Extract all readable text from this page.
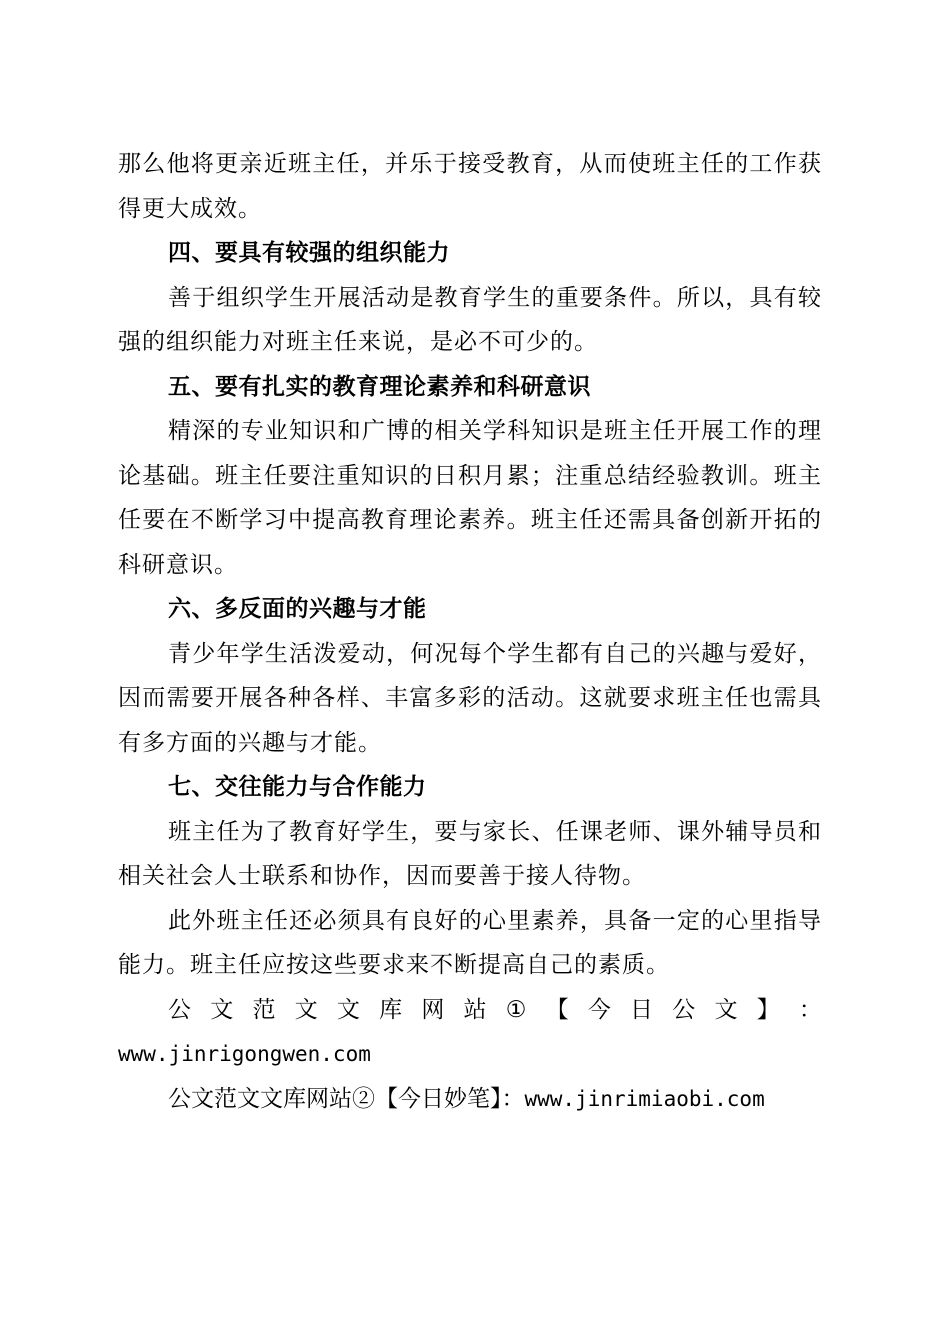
那么他将更亲近班主任，并乐于接受教育，从而使班主任的工作获得更大成效。

四、要具有较强的组织能力

善于组织学生开展活动是教育学生的重要条件。所以，具有较强的组织能力对班主任来说，是必不可少的。

五、要有扎实的教育理论素养和科研意识

精深的专业知识和广博的相关学科知识是班主任开展工作的理论基础。班主任要注重知识的日积月累；注重总结经验教训。班主任要在不断学习中提高教育理论素养。班主任还需具备创新开拓的科研意识。

六、多反面的兴趣与才能

青少年学生活泼爱动，何况每个学生都有自己的兴趣与爱好，因而需要开展各种各样、丰富多彩的活动。这就要求班主任也需具有多方面的兴趣与才能。

七、交往能力与合作能力

班主任为了教育好学生，要与家长、任课老师、课外辅导员和相关社会人士联系和协作，因而要善于接人待物。

此外班主任还必须具有良好的心里素养，具备一定的心里指导能力。班主任应按这些要求来不断提高自己的素质。

公 文 范 文 文 库 网 站 ① 【 今 日 公 文 】 ：
www.jinrigongwen.com
公文范文文库网站②【今日妙笔】：www.jinrimiaobi.com
